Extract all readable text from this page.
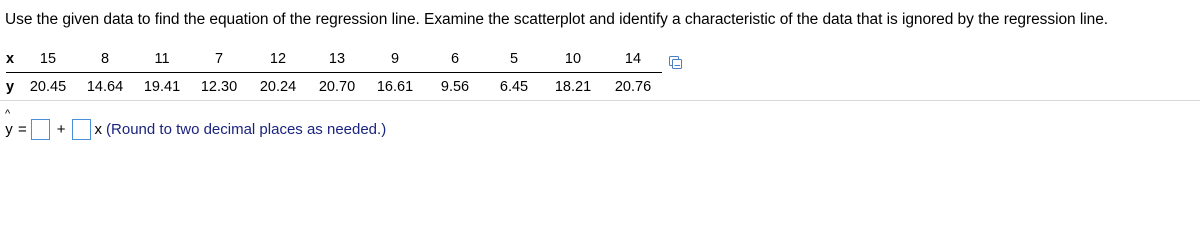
Use the given data to find the equation of the regression line. Examine the scatterplot and identify a characteristic of the data that is ignored by the regression line.
x	15	8	11	7	12	13	9	6	5	10	14
y	20.45	14.64	19.41	12.30	20.24	20.70	16.61	9.56	6.45	18.21	20.76
^
y = + x (Round to two decimal places as needed.)
